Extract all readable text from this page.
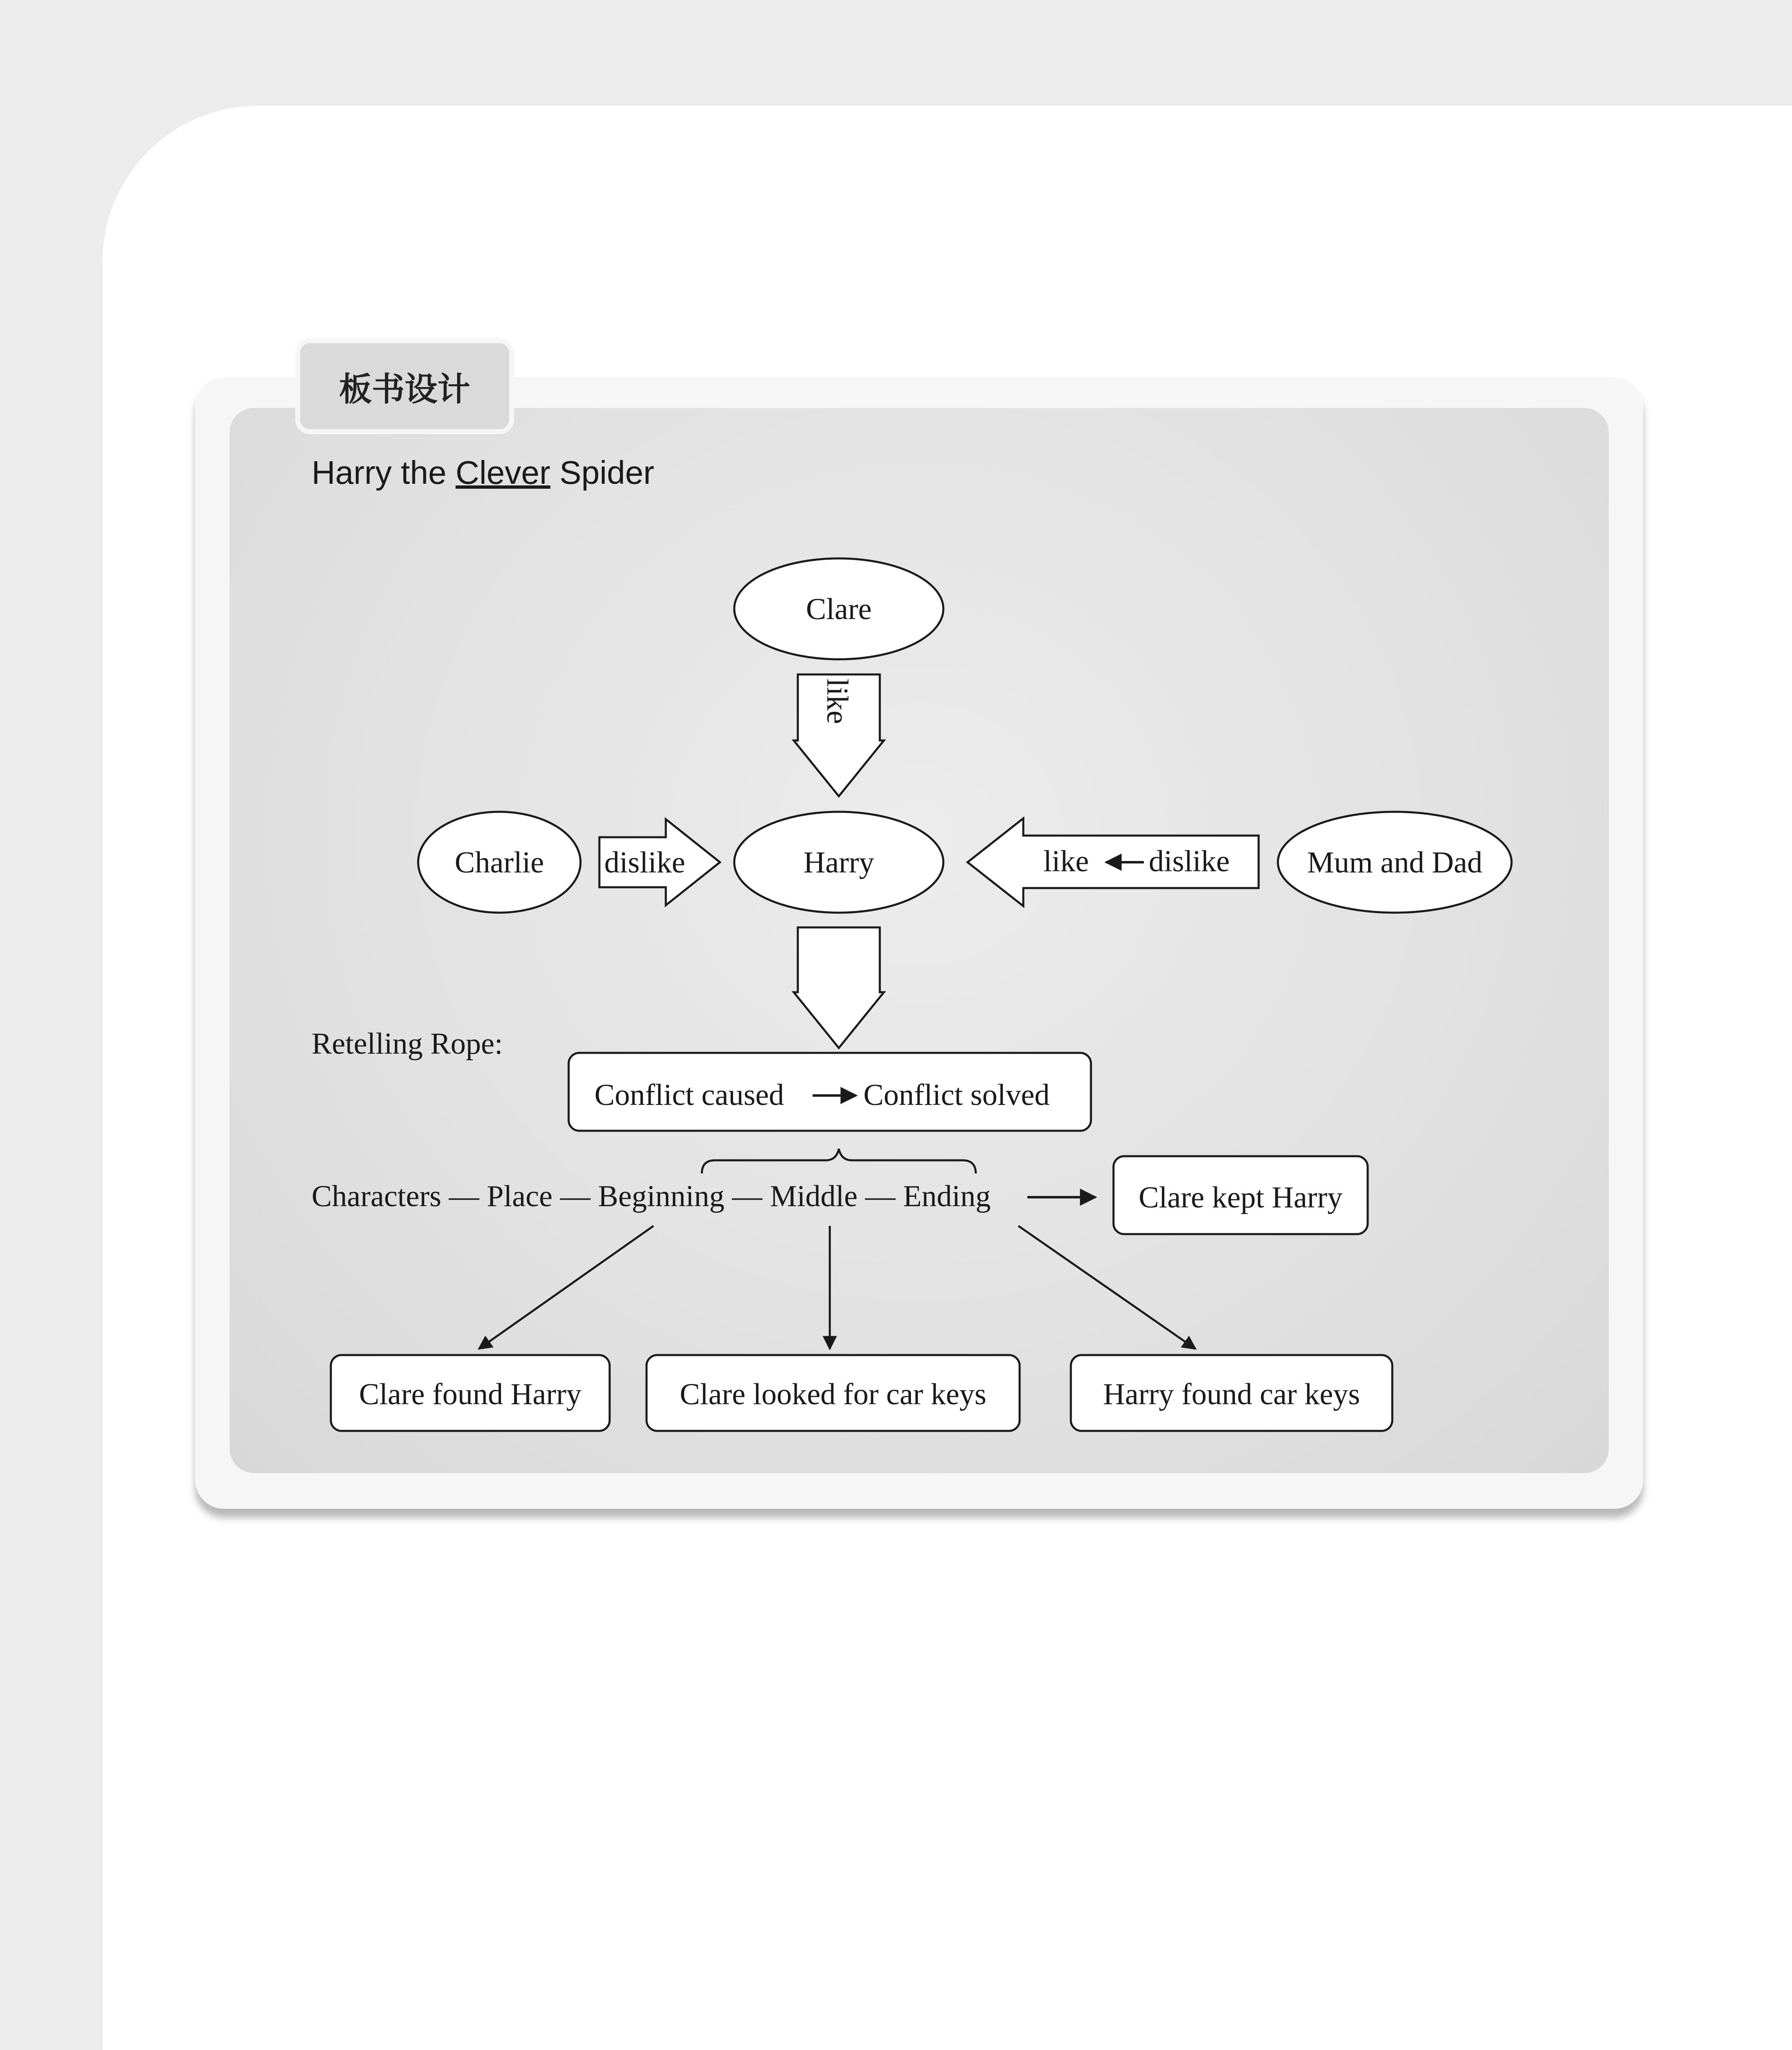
板书设计
Harry the Clever Spider
Clare
Harry
Charlie	Mum and Dad
like
dislike	like dislike
Retelling Rope:
Conflict caused	Conflict solved
Characters — Place — Beginning — Middle — Ending	Clare kept Harry
Clare found Harry	Clare looked for car keys	Harry found car keys
